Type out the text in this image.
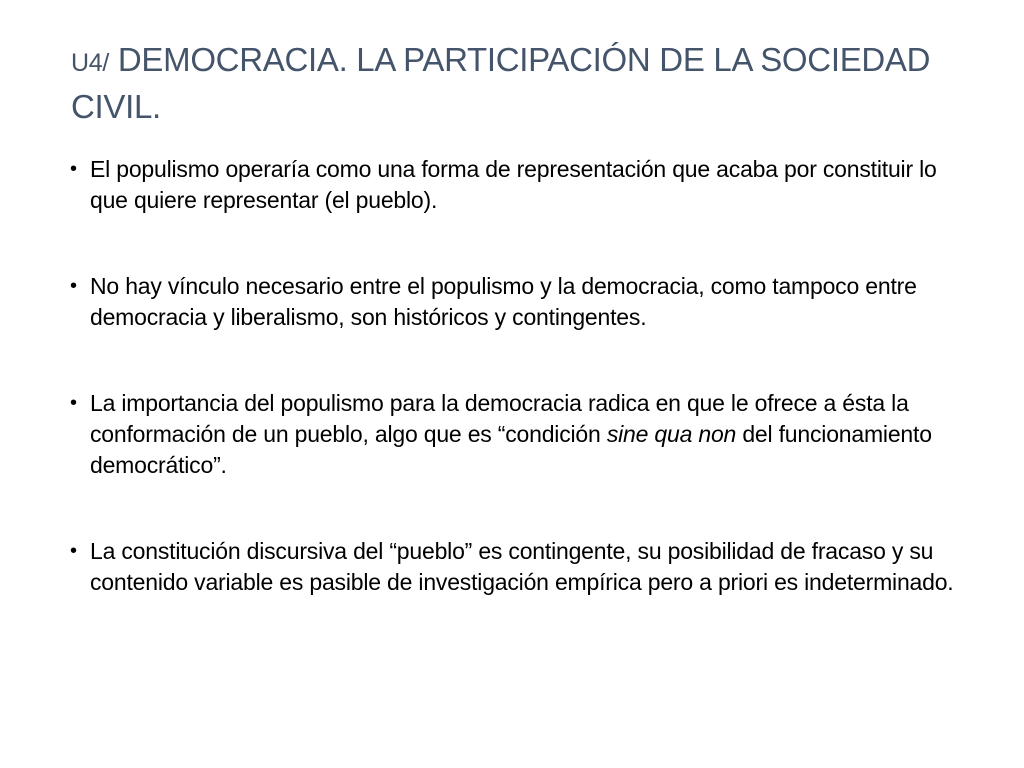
U4/ DEMOCRACIA. LA PARTICIPACIÓN DE LA SOCIEDAD CIVIL.
• El populismo operaría como una forma de representación que acaba por constituir lo que quiere representar (el pueblo).
• No hay vínculo necesario entre el populismo y la democracia, como tampoco entre democracia y liberalismo, son históricos y contingentes.
• La importancia del populismo para la democracia radica en que le ofrece a ésta la conformación de un pueblo, algo que es “condición sine qua non del funcionamiento democrático”.
• La constitución discursiva del “pueblo” es contingente, su posibilidad de fracaso y su contenido variable es pasible de investigación empírica pero a priori es indeterminado.
